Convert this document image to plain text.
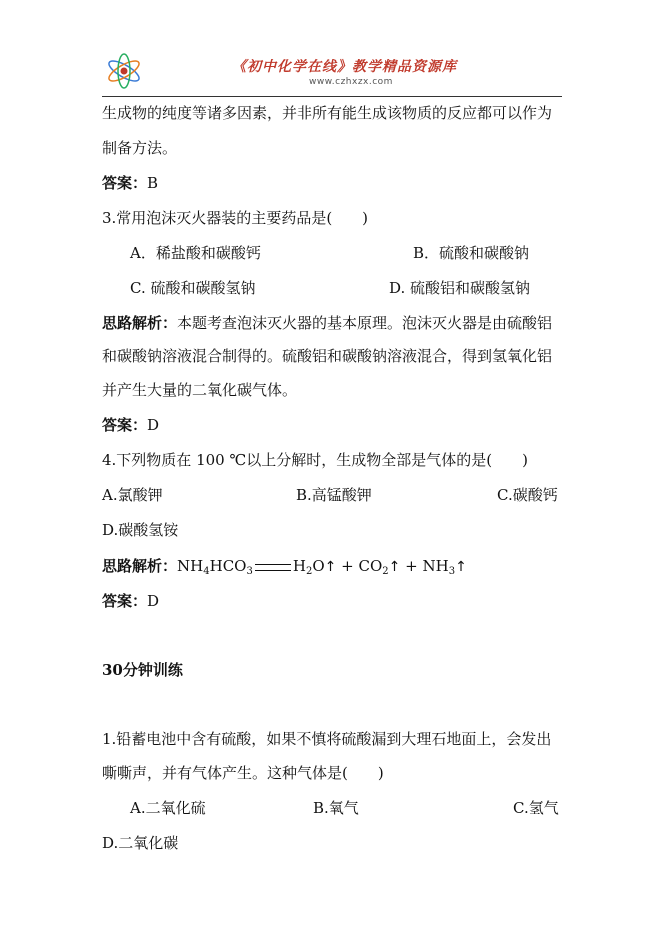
《初中化学在线》教学精品资源库
www.czhxzx.com
生成物的纯度等诸多因素，并非所有能生成该物质的反应都可以作为
制备方法。
答案：B
3.常用泡沫灭火器装的主要药品是(　　)
A．稀盐酸和碳酸钙	B．硫酸和碳酸钠
C. 硫酸和碳酸氢钠	D. 硫酸铝和碳酸氢钠
思路解析：本题考查泡沫灭火器的基本原理。泡沫灭火器是由硫酸铝
和碳酸钠溶液混合制得的。硫酸铝和碳酸钠溶液混合，得到氢氧化铝
并产生大量的二氧化碳气体。
答案：D
4.下列物质在 100 ℃以上分解时，生成物全部是气体的是(　　)
A.氯酸钾	B.高锰酸钾	C.碳酸钙
D.碳酸氢铵
思路解析：$NH_4HCO_3$	$H_2O↑$ + $CO_2↑$ + $NH_3↑$
答案：D
30分钟训练
1.铅蓄电池中含有硫酸，如果不慎将硫酸漏到大理石地面上，会发出
嘶嘶声，并有气体产生。这种气体是(　　)
A.二氧化硫	B.氧气	C.氢气
D.二氧化碳
